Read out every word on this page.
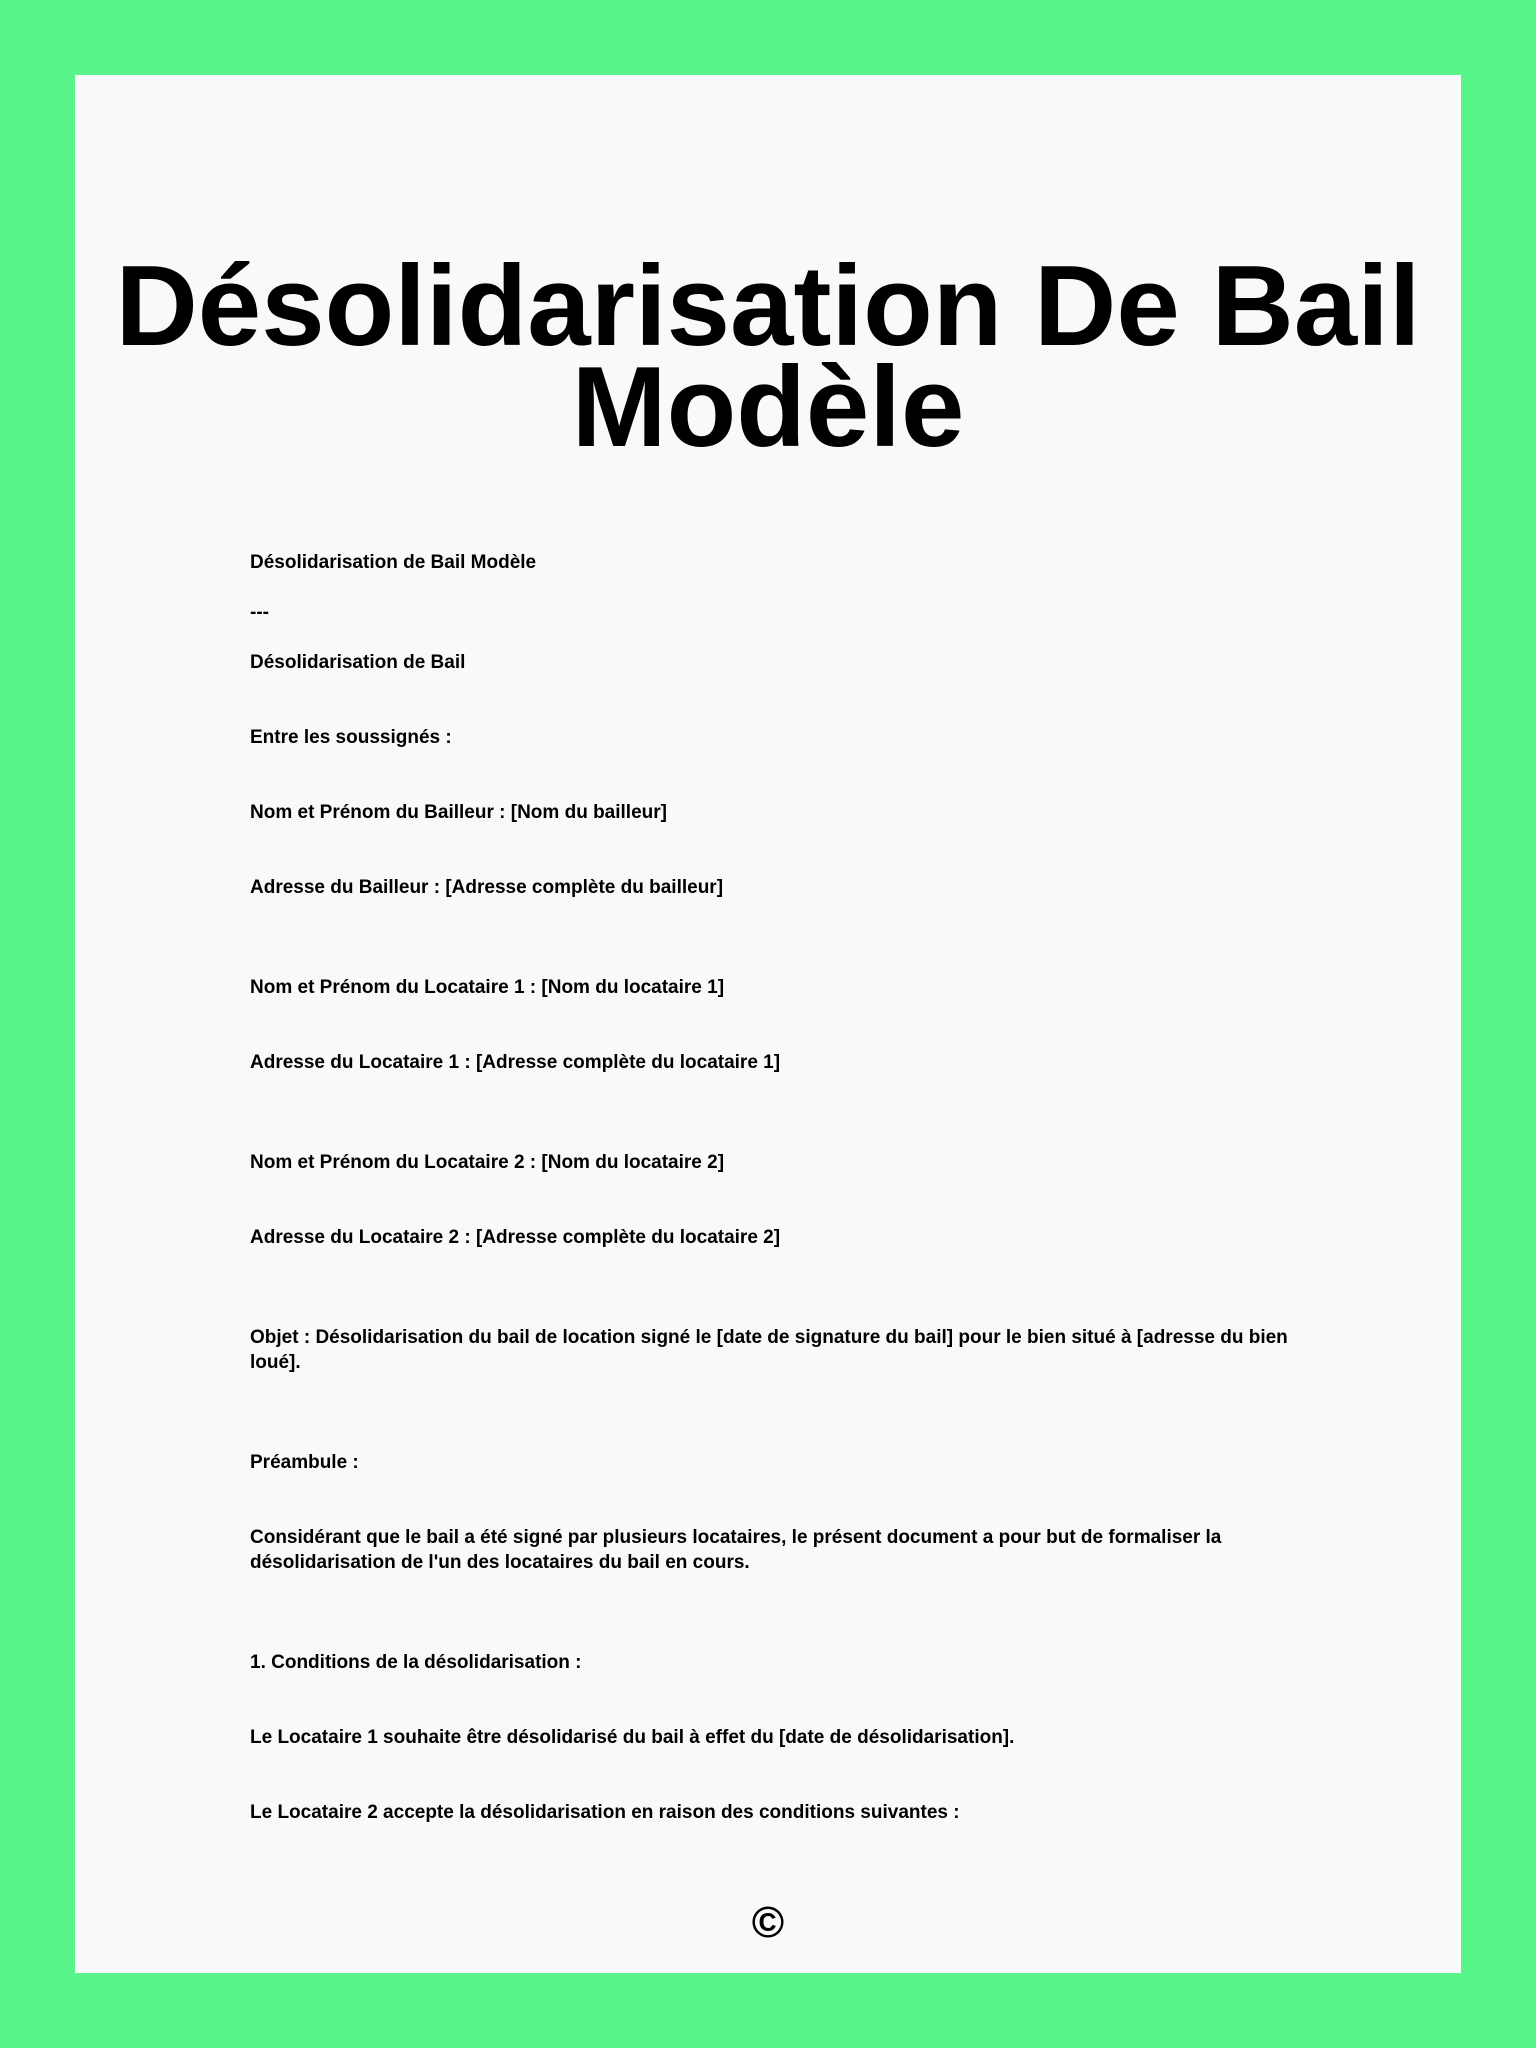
Désolidarisation De Bail Modèle

Désolidarisation de Bail Modèle

---

Désolidarisation de Bail

Entre les soussignés :

Nom et Prénom du Bailleur : [Nom du bailleur]

Adresse du Bailleur : [Adresse complète du bailleur]

Nom et Prénom du Locataire 1 : [Nom du locataire 1]

Adresse du Locataire 1 : [Adresse complète du locataire 1]

Nom et Prénom du Locataire 2 : [Nom du locataire 2]

Adresse du Locataire 2 : [Adresse complète du locataire 2]

Objet : Désolidarisation du bail de location signé le [date de signature du bail] pour le bien situé à [adresse du bien loué].

Préambule :

Considérant que le bail a été signé par plusieurs locataires, le présent document a pour but de formaliser la désolidarisation de l'un des locataires du bail en cours.

1. Conditions de la désolidarisation :

Le Locataire 1 souhaite être désolidarisé du bail à effet du [date de désolidarisation].

Le Locataire 2 accepte la désolidarisation en raison des conditions suivantes :

©
